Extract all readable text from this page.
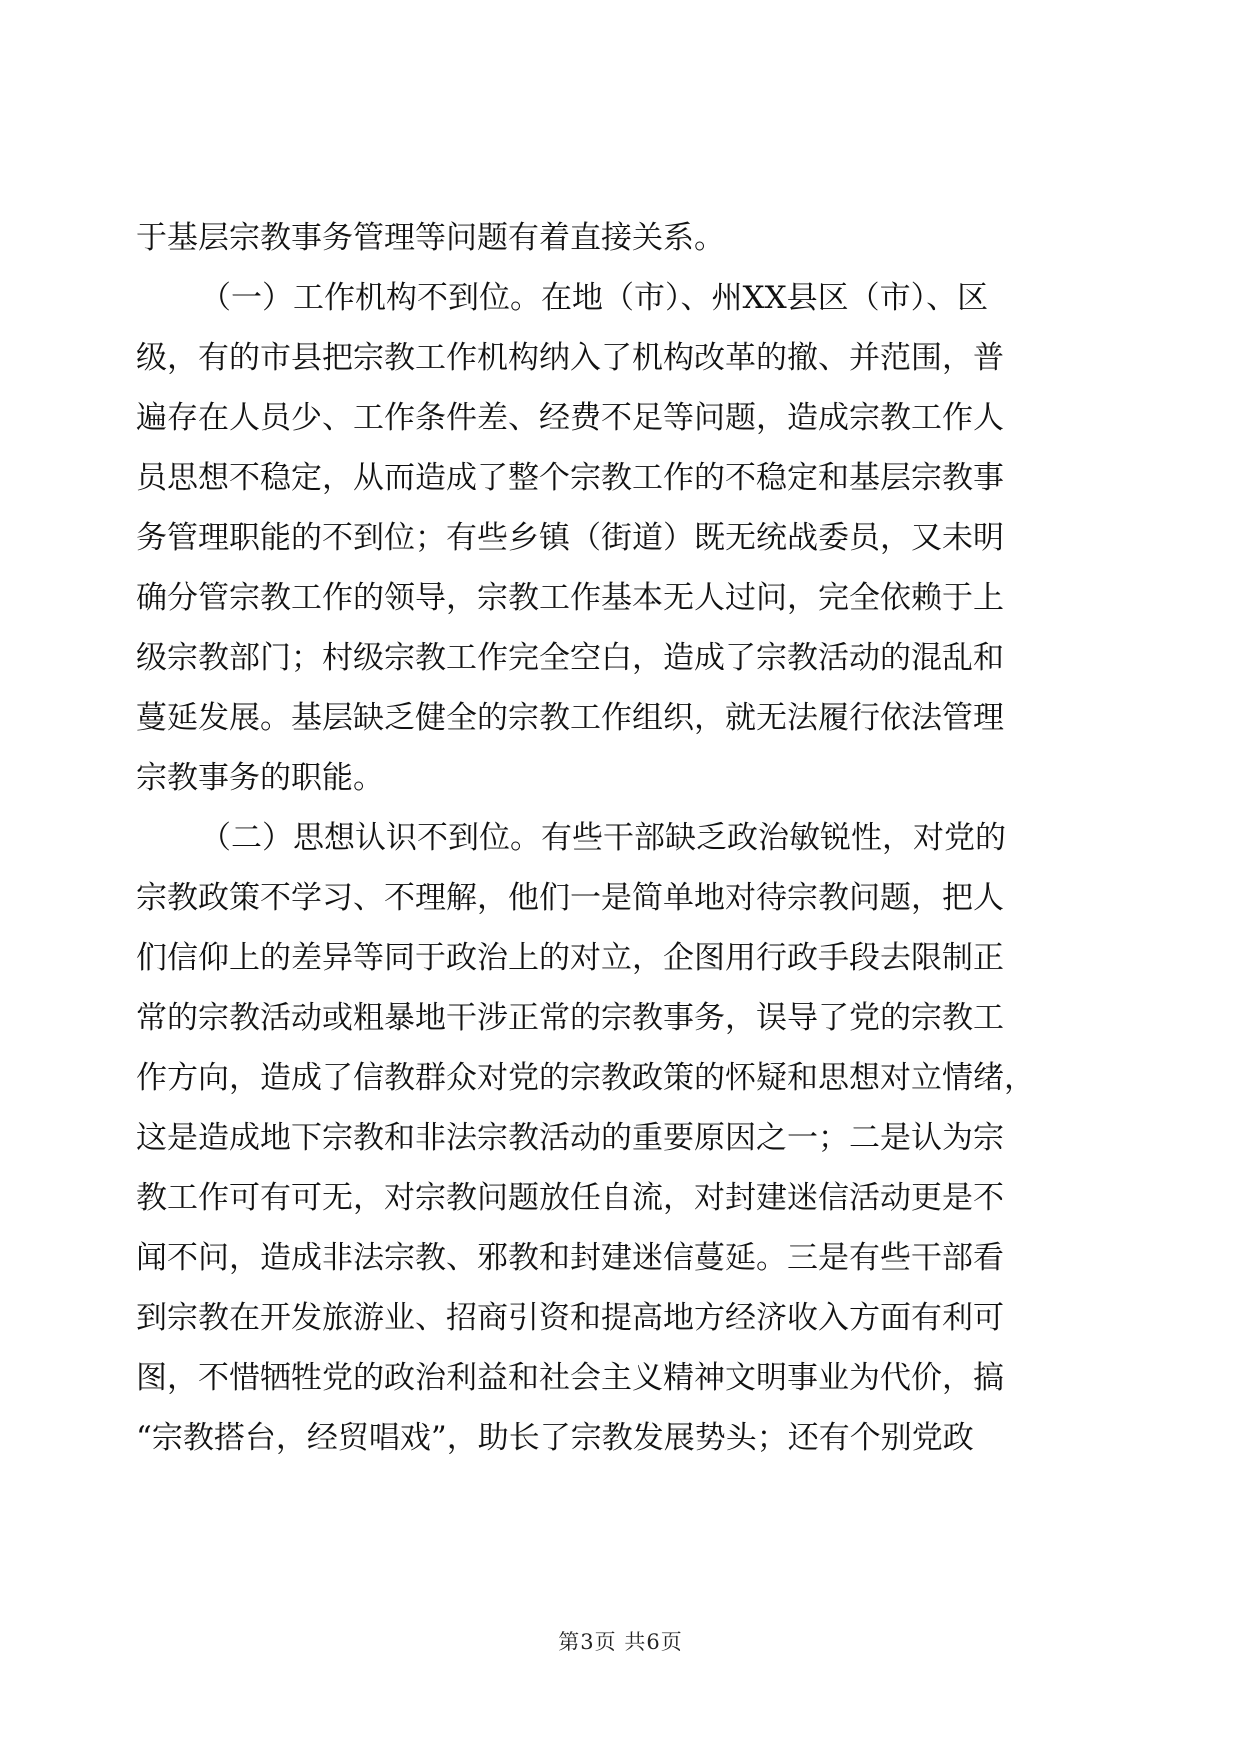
于基层宗教事务管理等问题有着直接关系。
（一）工作机构不到位。在地（市）、州XX县区（市）、区
级，有的市县把宗教工作机构纳入了机构改革的撤、并范围，普
遍存在人员少、工作条件差、经费不足等问题，造成宗教工作人
员思想不稳定，从而造成了整个宗教工作的不稳定和基层宗教事
务管理职能的不到位；有些乡镇（街道）既无统战委员，又未明
确分管宗教工作的领导，宗教工作基本无人过问，完全依赖于上
级宗教部门；村级宗教工作完全空白，造成了宗教活动的混乱和
蔓延发展。基层缺乏健全的宗教工作组织，就无法履行依法管理
宗教事务的职能。
（二）思想认识不到位。有些干部缺乏政治敏锐性，对党的
宗教政策不学习、不理解，他们一是简单地对待宗教问题，把人
们信仰上的差异等同于政治上的对立，企图用行政手段去限制正
常的宗教活动或粗暴地干涉正常的宗教事务，误导了党的宗教工
作方向，造成了信教群众对党的宗教政策的怀疑和思想对立情绪，
这是造成地下宗教和非法宗教活动的重要原因之一；二是认为宗
教工作可有可无，对宗教问题放任自流，对封建迷信活动更是不
闻不问，造成非法宗教、邪教和封建迷信蔓延。三是有些干部看
到宗教在开发旅游业、招商引资和提高地方经济收入方面有利可
图，不惜牺牲党的政治利益和社会主义精神文明事业为代价，搞
“宗教搭台，经贸唱戏”，助长了宗教发展势头；还有个别党政
第3页 共6页
